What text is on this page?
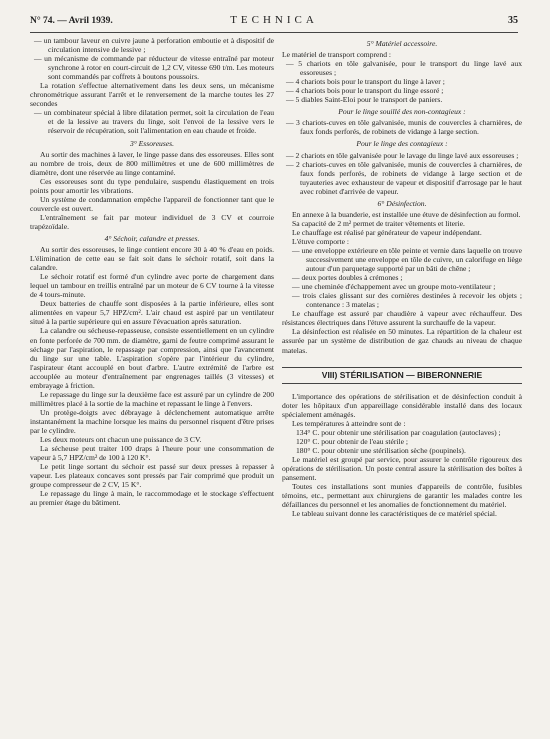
N° 74. — Avril 1939.	TECHNICA	35

— un tambour laveur en cuivre jaune à perforation emboutie et à dispositif de circulation intensive de lessive ;

— un mécanisme de commande par réducteur de vitesse entraîné par moteur synchrone à rotor en court-circuit de 1,2 CV, vitesse 690 t/m. Les moteurs sont commandés par coffrets à boutons poussoirs.

La rotation s'effectue alternativement dans les deux sens, un mécanisme chronométrique assurant l'arrêt et le renversement de la marche toutes les 27 secondes

— un combinateur spécial à libre dilatation permet, soit la circulation de l'eau et de la lessive au travers du linge, soit l'envoi de la lessive vers le réservoir de récupération, soit l'alimentation en eau chaude et froide.

3° Essoreuses.

Au sortir des machines à laver, le linge passe dans des essoreuses. Elles sont au nombre de trois, deux de 800 millimètres et une de 600 millimètres de diamètre, dont une réservée au linge contaminé.

Ces essoreuses sont du type pendulaire, suspendu élastiquement en trois points pour amortir les vibrations.

Un système de condamnation empêche l'appareil de fonctionner tant que le couvercle est ouvert.

L'entraînement se fait par moteur individuel de 3 CV et courroie trapézoïdale.

4° Séchoir, calandre et presses.

Au sortir des essoreuses, le linge contient encore 30 à 40 % d'eau en poids. L'élimination de cette eau se fait soit dans le séchoir rotatif, soit dans la calandre.

Le séchoir rotatif est formé d'un cylindre avec porte de chargement dans lequel un tambour en treillis entraîné par un moteur de 6 CV tourne à la vitesse de 4 tours-minute.

Deux batteries de chauffe sont disposées à la partie inférieure, elles sont alimentées en vapeur 5,7 HPZ/cm². L'air chaud est aspiré par un ventilateur situé à la partie supérieure qui en assure l'évacuation après saturation.

La calandre ou sécheuse-repasseuse, consiste essentiellement en un cylindre en fonte perforée de 700 mm. de diamètre, garni de feutre comprimé assurant le séchage par l'aspiration, le repassage par compression, ainsi que l'avancement du linge sur une table. L'aspiration s'opère par l'intérieur du cylindre, l'aspirateur étant accouplé en bout d'arbre. L'autre extrémité de l'arbre est accouplée au moteur d'entraînement par engrenages taillés (3 vitesses) et embrayage à friction.

Le repassage du linge sur la deuxième face est assuré par un cylindre de 200 millimètres placé à la sortie de la machine et repassant le linge à l'envers.

Un protège-doigts avec débrayage à déclenchement automatique arrête instantanément la machine lorsque les mains du personnel risquent d'être prises par le cylindre.

Les deux moteurs ont chacun une puissance de 3 CV.

La sécheuse peut traiter 100 draps à l'heure pour une consommation de vapeur à 5,7 HPZ/cm² de 100 à 120 K°.

Le petit linge sortant du séchoir est passé sur deux presses à repasser à vapeur. Les plateaux concaves sont pressés par l'air comprimé que produit un groupe compresseur de 2 CV, 15 K°.

Le repassage du linge à main, le raccommodage et le stockage s'effectuent au premier étage du bâtiment.

5° Matériel accessoire.

Le matériel de transport comprend :

— 5 chariots en tôle galvanisée, pour le transport du linge lavé aux essoreuses ;

— 4 chariots bois pour le transport du linge à laver ;

— 4 chariots bois pour le transport du linge essoré ;

— 5 diables Saint-Eloi pour le transport de paniers.

Pour le linge souillé des non-contagieux :

— 3 chariots-cuves en tôle galvanisée, munis de couvercles à charnières, de faux fonds perforés, de robinets de vidange à large section.

Pour le linge des contagieux :

— 2 chariots en tôle galvanisée pour le lavage du linge lavé aux essoreuses ;

— 2 chariots-cuves en tôle galvanisée, munis de couvercles à charnières, de faux fonds perforés, de robinets de vidange à large section et de tuyauteries avec exhausteur de vapeur et dispositif d'arrosage par le haut avec robinet d'arrivée de vapeur.

6° Désinfection.

En annexe à la buanderie, est installée une étuve de désinfection au formol.

Sa capacité de 2 m² permet de traiter vêtements et literie.

Le chauffage est réalisé par générateur de vapeur indépendant.

L'étuve comporte :

— une enveloppe extérieure en tôle peinte et vernie dans laquelle on trouve successivement une enveloppe en tôle de cuivre, un calorifuge en liège autour d'un parquetage supporté par un bâti de chêne ;

— deux portes doubles à crémones ;

— une cheminée d'échappement avec un groupe moto-ventilateur ;

— trois claies glissant sur des cornières destinées à recevoir les objets ; contenance : 3 matelas ;

Le chauffage est assuré par chaudière à vapeur avec réchauffeur. Des résistances électriques dans l'étuve assurent la surchauffe de la vapeur.

La désinfection est réalisée en 50 minutes. La répartition de la chaleur est assurée par un système de distribution de gaz chauds au niveau de chaque matelas.

VIII) STÉRILISATION — BIBERONNERIE

L'importance des opérations de stérilisation et de désinfection conduit à doter les hôpitaux d'un appareillage considérable installé dans des locaux spécialement aménagés.

Les températures à atteindre sont de :

134° C. pour obtenir une stérilisation par coagulation (autoclaves) ;

120° C. pour obtenir de l'eau stérile ;

180° C. pour obtenir une stérilisation sèche (poupinels).

Le matériel est groupé par service, pour assurer le contrôle rigoureux des opérations de stérilisation. Un poste central assure la stérilisation des boîtes à pansement.

Toutes ces installations sont munies d'appareils de contrôle, fusibles témoins, etc., permettant aux chirurgiens de garantir les malades contre les défaillances du personnel et les anomalies de fonctionnement du matériel.

Le tableau suivant donne les caractéristiques de ce matériel spécial.
